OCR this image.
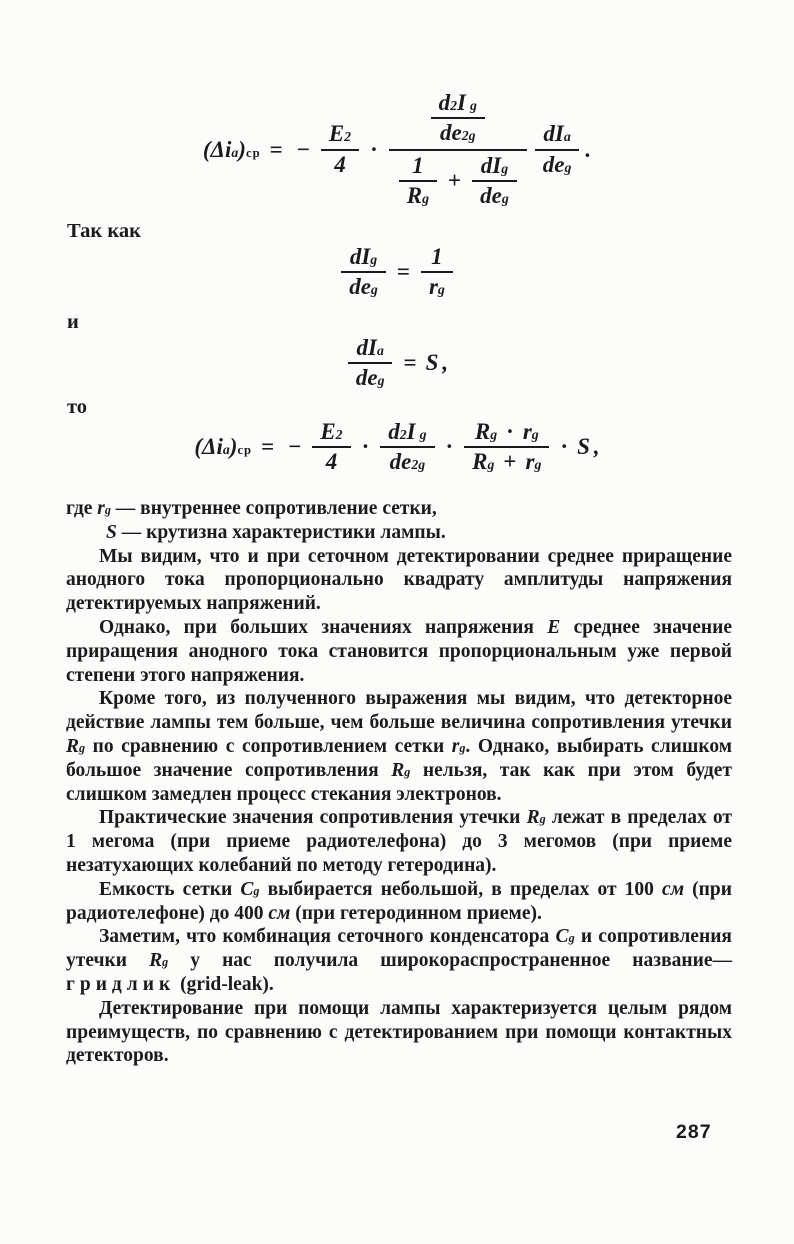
$(\Delta i_a)_{ср}$ = − $\frac{E^2}{4} \cdot \frac{\frac{d^2I _g}{de^2_g}}{\frac{1}{R_g} + \frac{dI_g}{de_g}} \frac{dI_a}{de_g}$ .
Так как
$\frac{dI_g}{de_g} = \frac{1}{r_g}$
и
$\frac{dI_a}{de_g} = S$ ,
то
$(\Delta i_a)_{ср}$ = − $\frac{E^2}{4} \cdot \frac{d^2I _g}{de^2_g} \cdot \frac{R_g \cdot r_g}{R_g + r_g} \cdot S$ ,

где $r_g$ — внутреннее сопротивление сетки,

S — крутизна характеристики лампы.

Мы видим, что и при сеточном детектировании среднее приращение анодного тока пропорционально квадрату амплитуды напряжения детектируемых напряжений.

Однако, при больших значениях напряжения E среднее значение приращения анодного тока становится пропорциональным уже первой степени этого напряжения.

Кроме того, из полученного выражения мы видим, что детекторное действие лампы тем больше, чем больше величина сопротивления утечки $R_g$ по сравнению с сопротивлением сетки $r_g$. Однако, выбирать слишком большое значение сопротивления $R_g$ нельзя, так как при этом будет слишком замедлен процесс стекания электронов.

Практические значения сопротивления утечки $R_g$ лежат в пределах от 1 мегома (при приеме радиотелефона) до 3 мегомов (при приеме незатухающих колебаний по методу гетеродина).

Емкость сетки $C_g$ выбирается небольшой, в пределах от 100 см (при радиотелефоне) до 400 см (при гетеродинном приеме).

Заметим, что комбинация сеточного конденсатора $C_g$ и сопротивления утечки $R_g$ у нас получила широкораспространенное название—гридлик (grid-leak).

Детектирование при помощи лампы характеризуется целым рядом преимуществ, по сравнению с детектированием при помощи контактных детекторов.

287
